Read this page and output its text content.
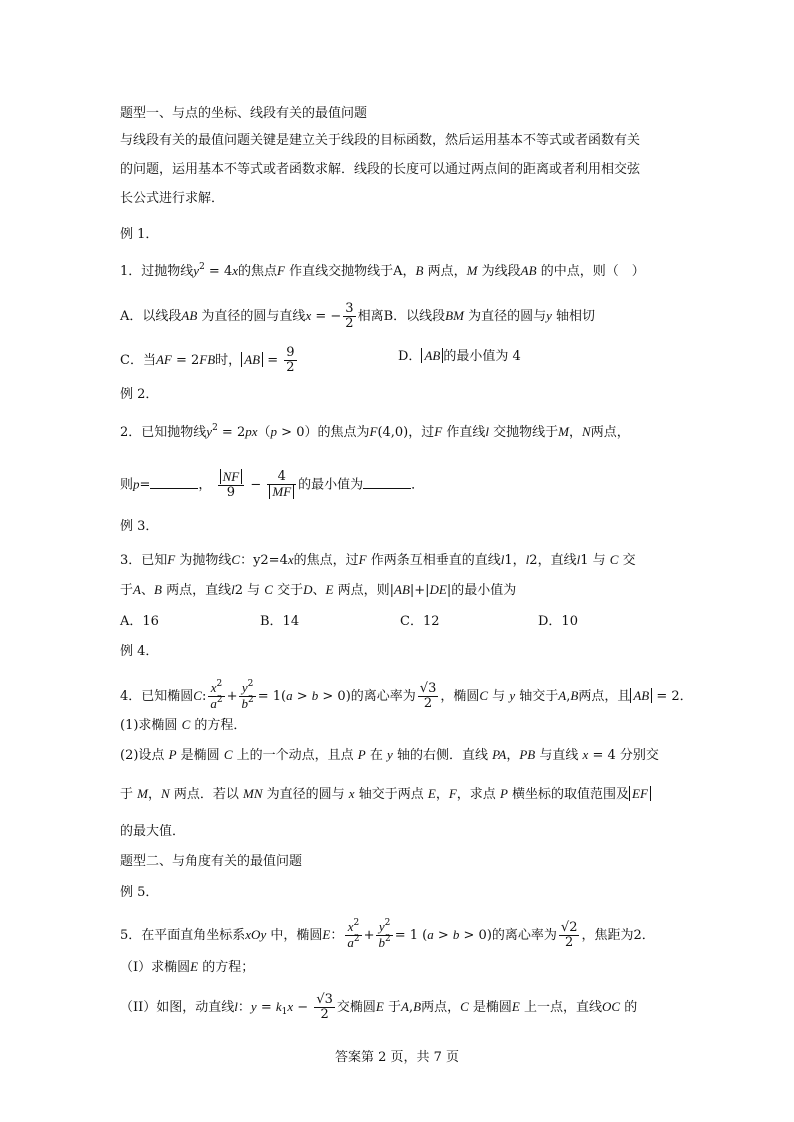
题型一、与点的坐标、线段有关的最值问题
与线段有关的最值问题关键是建立关于线段的目标函数，然后运用基本不等式或者函数有关
的问题，运用基本不等式或者函数求解．线段的长度可以通过两点间的距离或者利用相交弦
长公式进行求解．
例 1．
1．过抛物线$y^2 = 4x$的焦点F 作直线交抛物线于A，B 两点，M 为线段AB 的中点，则（　）
A．以线段AB 为直径的圆与直线x = − $\frac{3}{2}$ 相离B．以线段BM 为直径的圆与y 轴相切
C．当AF = 2FB时， AB = $\frac{9}{2}$	D． AB 的最小值为 4
例 2．
2．已知抛物线$y^2 = 2px(p > 0)$的焦点为F(4,0)，过F 作直线l 交抛物线于M，N两点，
则p=	， $\frac{NF}{9} - \frac{4}{MF}$ 的最小值为	．
例 3．
3．已知F 为抛物线C：y2=4x的焦点，过F 作两条互相垂直的直线l1，l2，直线l1 与 C 交
于A、B 两点，直线l2 与 C 交于D、E 两点，则|AB|+|DE|的最小值为
A．16	B．14	C．12	D．10
例 4．
4．已知椭圆C: $\frac{x^2}{a^2} + \frac{y^2}{b^2} = 1(a > b > 0)$的离心率为 $\frac{√3}{2}$ ，椭圆C 与 y 轴交于A,B两点，且 AB = 2．
(1)求椭圆 C 的方程．
(2)设点 P 是椭圆 C 上的一个动点，且点 P 在 y 轴的右侧．直线 PA，PB 与直线 x = 4 分别交
于 M，N 两点．若以 MN 为直径的圆与 x 轴交于两点 E，F，求点 P 横坐标的取值范围及 EF
的最大值．
题型二、与角度有关的最值问题
例 5．
5．在平面直角坐标系xOy 中，椭圆E： $\frac{x^2}{a^2} + \frac{y^2}{b^2} = 1$ (a > b > 0)的离心率为 $\frac{√2}{2}$ ，焦距为2．
（I）求椭圆E 的方程；
（II）如图，动直线l：$y = k_1x - \frac{√3}{2}$ 交椭圆E 于A,B两点，C 是椭圆E 上一点，直线OC 的
答案第 2 页，共 7 页
